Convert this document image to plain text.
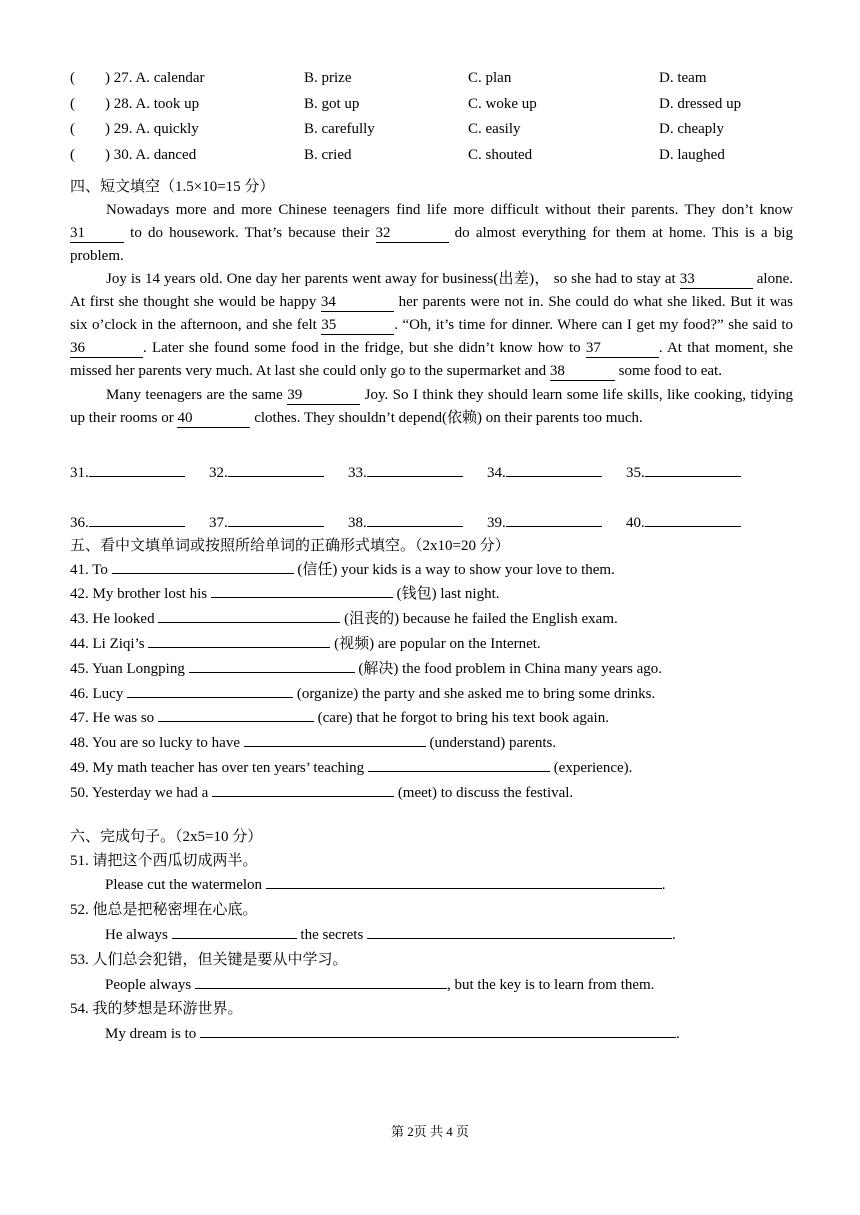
(        ) 27. A. calendar	B. prize	C. plan	D. team
(        ) 28. A. took up	B. got up	C. woke up	D. dressed up
(        ) 29. A. quickly	B. carefully	C. easily	D. cheaply
(        ) 30. A. danced	B. cried	C. shouted	D. laughed
四、短文填空（1.5×10=15 分）
Nowadays more and more Chinese teenagers find life more difficult without their parents. They don’t know 31	to do housework. That’s because their 32	do almost everything for them at home. This is a big problem.
Joy is 14 years old. One day her parents went away for business(出差)， so she had to stay at 33	alone. At first she thought she would be happy 34	her parents were not in. She could do what she liked. But it was six o’clock in the afternoon, and she felt 35	. “Oh, it’s time for dinner. Where can I get my food?” she said to 36	. Later she found some food in the fridge, but she didn’t know how to 37	. At that moment, she missed her parents very much. At last she could only go to the supermarket and 38	some food to eat.
Many teenagers are the same 39	Joy. So I think they should learn some life skills, like cooking, tidying up their rooms or 40	clothes. They shouldn’t depend(依赖) on their parents too much.
31.	32.	33.	34.	35.
36.	37.	38.	39.	40.
五、看中文填单词或按照所给单词的正确形式填空。（2x10=20 分）
41. To	(信任) your kids is a way to show your love to them.
42. My brother lost his	(钱包) last night.
43. He looked	(沮丧的) because he failed the English exam.
44. Li Ziqi’s	(视频) are popular on the Internet.
45. Yuan Longping	(解决) the food problem in China many years ago.
46. Lucy	(organize) the party and she asked me to bring some drinks.
47. He was so	(care) that he forgot to bring his text book again.
48. You are so lucky to have	(understand) parents.
49. My math teacher has over ten years’ teaching	(experience).
50. Yesterday we had a	(meet) to discuss the festival.
六、完成句子。（2x5=10 分）
51. 请把这个西瓜切成两半。
Please cut the watermelon	.
52. 他总是把秘密埋在心底。
He always	the secrets	.
53. 人们总会犯错，但关键是要从中学习。
People always	, but the key is to learn from them.
54. 我的梦想是环游世界。
My dream is to	.
第 2页 共 4 页
